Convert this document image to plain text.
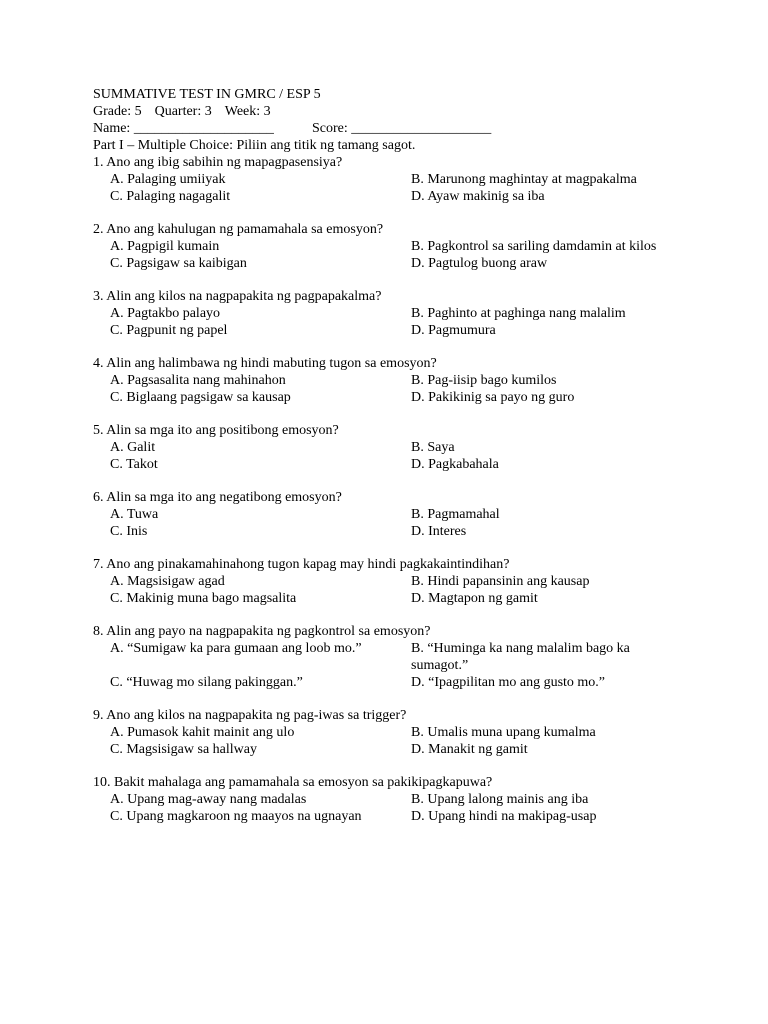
SUMMATIVE TEST IN GMRC / ESP 5
Grade: 5 Quarter: 3 Week: 3
Name: ____________________	Score: ____________________
Part I – Multiple Choice: Piliin ang titik ng tamang sagot.
1. Ano ang ibig sabihin ng mapagpasensiya?
A. Palaging umiiyak	B. Marunong maghintay at magpakalma
C. Palaging nagagalit	D. Ayaw makinig sa iba
2. Ano ang kahulugan ng pamamahala sa emosyon?
A. Pagpigil kumain	B. Pagkontrol sa sariling damdamin at kilos
C. Pagsigaw sa kaibigan	D. Pagtulog buong araw
3. Alin ang kilos na nagpapakita ng pagpapakalma?
A. Pagtakbo palayo	B. Paghinto at paghinga nang malalim
C. Pagpunit ng papel	D. Pagmumura
4. Alin ang halimbawa ng hindi mabuting tugon sa emosyon?
A. Pagsasalita nang mahinahon	B. Pag-iisip bago kumilos
C. Biglaang pagsigaw sa kausap	D. Pakikinig sa payo ng guro
5. Alin sa mga ito ang positibong emosyon?
A. Galit	B. Saya
C. Takot	D. Pagkabahala
6. Alin sa mga ito ang negatibong emosyon?
A. Tuwa	B. Pagmamahal
C. Inis	D. Interes
7. Ano ang pinakamahinahong tugon kapag may hindi pagkakaintindihan?
A. Magsisigaw agad	B. Hindi papansinin ang kausap
C. Makinig muna bago magsalita	D. Magtapon ng gamit
8. Alin ang payo na nagpapakita ng pagkontrol sa emosyon?
A. “Sumigaw ka para gumaan ang loob mo.”	B. “Huminga ka nang malalim bago ka sumagot.”
C. “Huwag mo silang pakinggan.”	D. “Ipagpilitan mo ang gusto mo.”
9. Ano ang kilos na nagpapakita ng pag-iwas sa trigger?
A. Pumasok kahit mainit ang ulo	B. Umalis muna upang kumalma
C. Magsisigaw sa hallway	D. Manakit ng gamit
10. Bakit mahalaga ang pamamahala sa emosyon sa pakikipagkapuwa?
A. Upang mag-away nang madalas	B. Upang lalong mainis ang iba
C. Upang magkaroon ng maayos na ugnayan	D. Upang hindi na makipag-usap
